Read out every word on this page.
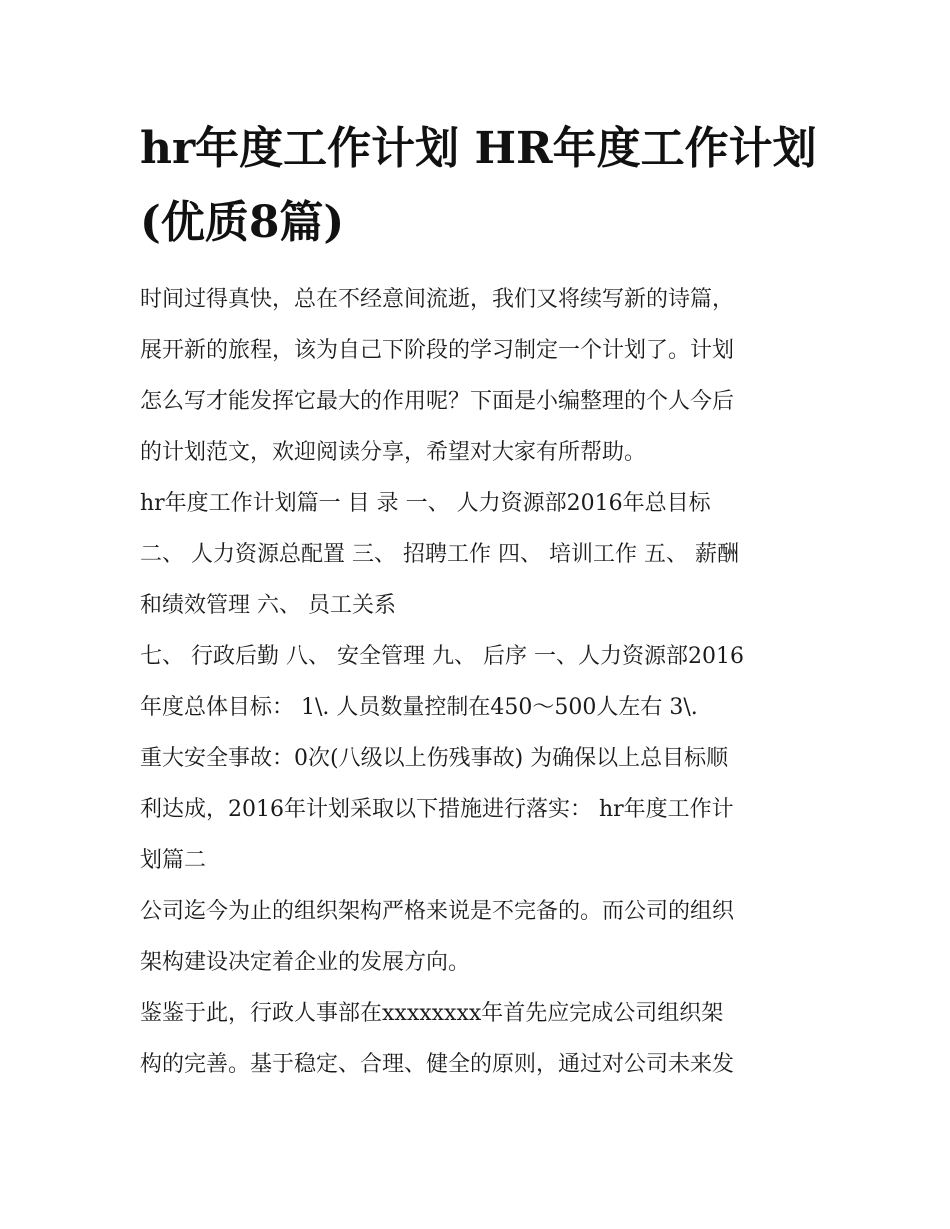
hr年度工作计划 HR年度工作计划(优质8篇)

时间过得真快，总在不经意间流逝，我们又将续写新的诗篇，

展开新的旅程，该为自己下阶段的学习制定一个计划了。计划

怎么写才能发挥它最大的作用呢？下面是小编整理的个人今后

的计划范文，欢迎阅读分享，希望对大家有所帮助。

hr年度工作计划篇一 目 录 一、 人力资源部2016年总目标

二、 人力资源总配置 三、 招聘工作 四、 培训工作 五、 薪酬

和绩效管理 六、 员工关系

七、 行政后勤 八、 安全管理 九、 后序 一、人力资源部2016

年度总体目标： 1\. 人员数量控制在450～500人左右 3\.

重大安全事故：0次(八级以上伤残事故) 为确保以上总目标顺

利达成，2016年计划采取以下措施进行落实： hr年度工作计

划篇二

公司迄今为止的组织架构严格来说是不完备的。而公司的组织

架构建设决定着企业的发展方向。

鉴鉴于此，行政人事部在xxxxxxxx年首先应完成公司组织架

构的完善。基于稳定、合理、健全的原则，通过对公司未来发
